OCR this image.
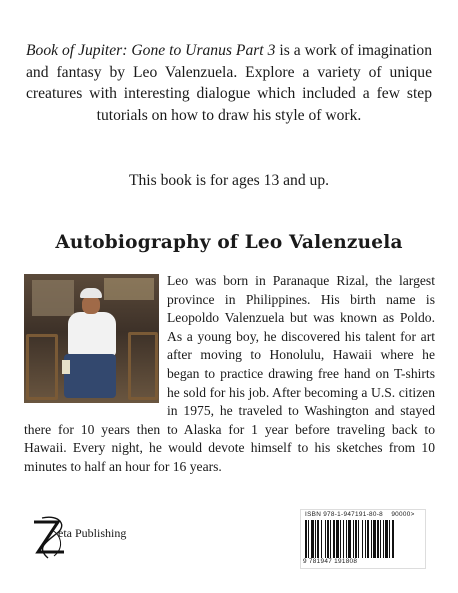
Book of Jupiter: Gone to Uranus Part 3 is a work of imagination and fantasy by Leo Valenzuela. Explore a variety of unique creatures with interesting dialogue which included a few step tutorials on how to draw his style of work.
This book is for ages 13 and up.
Autobiography of Leo Valenzuela
Leo was born in Paranaque Rizal, the largest province in Philippines. His birth name is Leopoldo Valenzuela but was known as Poldo. As a young boy, he discovered his talent for art after moving to Honolulu, Hawaii where he began to practice drawing free hand on T-shirts he sold for his job. After becoming a U.S. citizen in 1975, he traveled to Washington and stayed there for 10 years then to Alaska for 1 year before traveling back to Hawaii. Every night, he would devote himself to his sketches from 10 minutes to half an hour for 16 years.
eta Publishing
ISBN 978-1-947191-80-8 90000>
9 781947 191808
